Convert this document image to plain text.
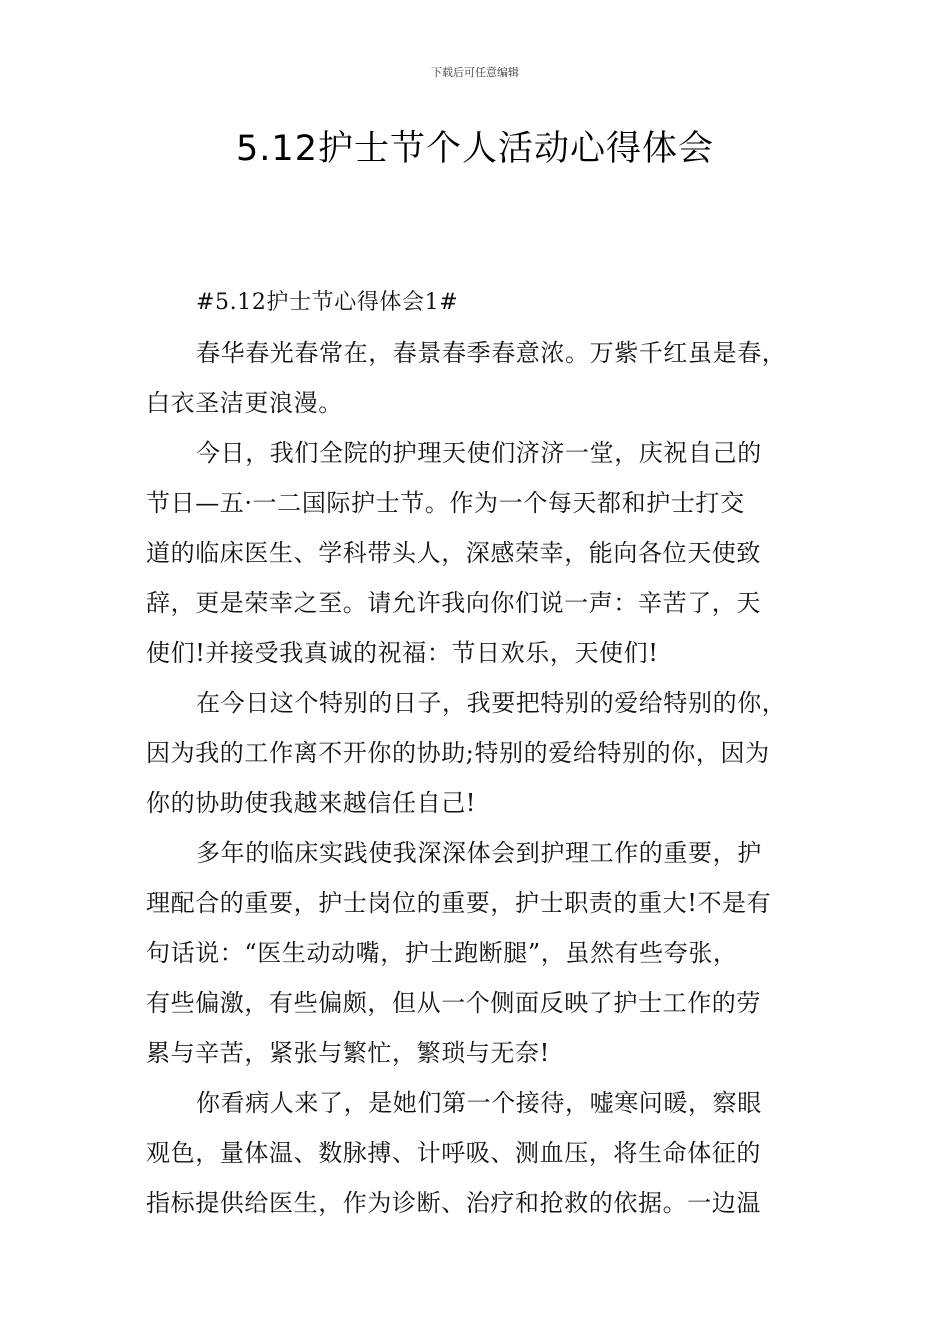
下载后可任意编辑
5.12护士节个人活动心得体会
#5.12护士节心得体会1#
春华春光春常在，春景春季春意浓。万紫千红虽是春，
白衣圣洁更浪漫。
今日，我们全院的护理天使们济济一堂，庆祝自己的
节日—五·一二国际护士节。作为一个每天都和护士打交
道的临床医生、学科带头人，深感荣幸，能向各位天使致
辞，更是荣幸之至。请允许我向你们说一声：辛苦了，天
使们!并接受我真诚的祝福：节日欢乐，天使们!
在今日这个特别的日子，我要把特别的爱给特别的你，
因为我的工作离不开你的协助;特别的爱给特别的你，因为
你的协助使我越来越信任自己!
多年的临床实践使我深深体会到护理工作的重要，护
理配合的重要，护士岗位的重要，护士职责的重大!不是有
句话说：“医生动动嘴，护士跑断腿”，虽然有些夸张，
有些偏激，有些偏颇，但从一个侧面反映了护士工作的劳
累与辛苦，紧张与繁忙，繁琐与无奈!
你看病人来了，是她们第一个接待，嘘寒问暖，察眼
观色，量体温、数脉搏、计呼吸、测血压，将生命体征的
指标提供给医生，作为诊断、治疗和抢救的依据。一边温
